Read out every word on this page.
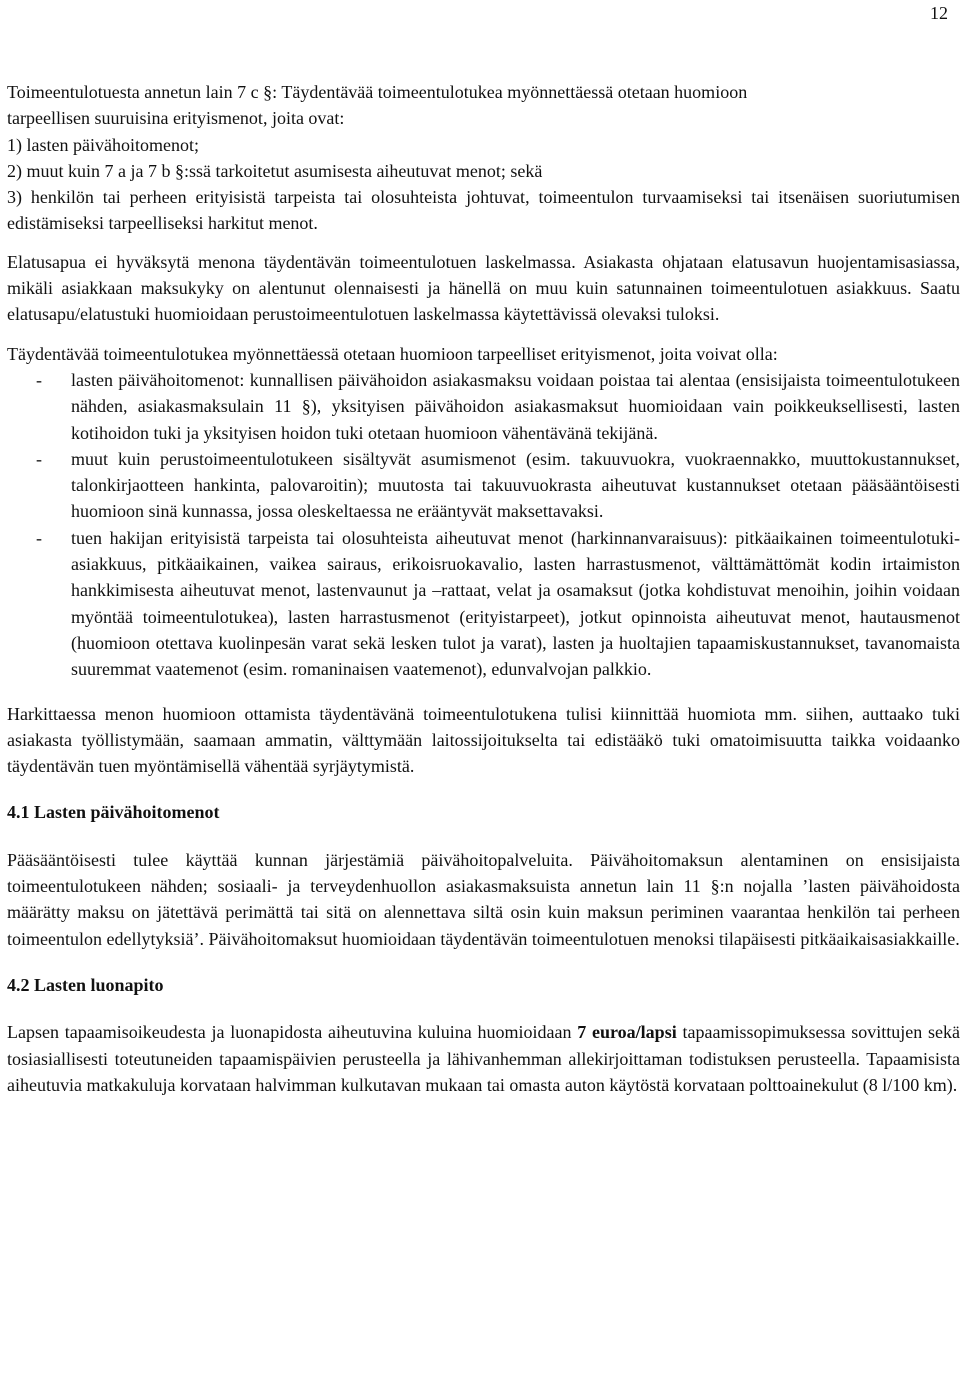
12
Toimeentulotuesta annetun lain 7 c §: Täydentävää toimeentulotukea myönnettäessä otetaan huomioon
tarpeellisen suuruisina erityismenot, joita ovat:
1) lasten päivähoitomenot;
2) muut kuin 7 a ja 7 b §:ssä tarkoitetut asumisesta aiheutuvat menot; sekä

3) henkilön tai perheen erityisistä tarpeista tai olosuhteista johtuvat, toimeentulon turvaamiseksi tai itsenäisen suoriutumisen edistämiseksi tarpeelliseksi harkitut menot.

Elatusapua ei hyväksytä menona täydentävän toimeentulotuen laskelmassa. Asiakasta ohjataan elatusavun huojentamisasiassa, mikäli asiakkaan maksukyky on alentunut olennaisesti ja hänellä on muu kuin satunnainen toimeentulotuen asiakkuus. Saatu elatusapu/elatustuki huomioidaan perustoimeentulotuen laskelmassa käytettävissä olevaksi tuloksi.

Täydentävää toimeentulotukea myönnettäessä otetaan huomioon tarpeelliset erityismenot, joita voivat olla:

- lasten päivähoitomenot: kunnallisen päivähoidon asiakasmaksu voidaan poistaa tai alentaa (ensisijaista toimeentulotukeen nähden, asiakasmaksulain 11 §), yksityisen päivähoidon asiakasmaksut huomioidaan vain poikkeuksellisesti, lasten kotihoidon tuki ja yksityisen hoidon tuki otetaan huomioon vähentävänä tekijänä.
- muut kuin perustoimeentulotukeen sisältyvät asumismenot (esim. takuuvuokra, vuokraennakko, muuttokustannukset, talonkirjaotteen hankinta, palovaroitin); muutosta tai takuuvuokrasta aiheutuvat kustannukset otetaan pääsääntöisesti huomioon sinä kunnassa, jossa oleskeltaessa ne erääntyvät maksettavaksi.
- tuen hakijan erityisistä tarpeista tai olosuhteista aiheutuvat menot (harkinnanvaraisuus): pitkäaikainen toimeentulotuki-asiakkuus, pitkäaikainen, vaikea sairaus, erikoisruokavalio, lasten harrastusmenot, välttämättömät kodin irtaimiston hankkimisesta aiheutuvat menot, lastenvaunut ja –rattaat, velat ja osamaksut (jotka kohdistuvat menoihin, joihin voidaan myöntää toimeentulotukea), lasten harrastusmenot (erityistarpeet), jotkut opinnoista aiheutuvat menot, hautausmenot (huomioon otettava kuolinpesän varat sekä lesken tulot ja varat), lasten ja huoltajien tapaamiskustannukset, tavanomaista suuremmat vaatemenot (esim. romaninaisen vaatemenot), edunvalvojan palkkio.

Harkittaessa menon huomioon ottamista täydentävänä toimeentulotukena tulisi kiinnittää huomiota mm. siihen, auttaako tuki asiakasta työllistymään, saamaan ammatin, välttymään laitossijoitukselta tai edistääkö tuki omatoimisuutta taikka voidaanko täydentävän tuen myöntämisellä vähentää syrjäytymistä.

4.1 Lasten päivähoitomenot

Pääsääntöisesti tulee käyttää kunnan järjestämiä päivähoitopalveluita. Päivähoitomaksun alentaminen on ensisijaista toimeentulotukeen nähden; sosiaali- ja terveydenhuollon asiakasmaksuista annetun lain 11 §:n nojalla ’lasten päivähoidosta määrätty maksu on jätettävä perimättä tai sitä on alennettava siltä osin kuin maksun periminen vaarantaa henkilön tai perheen toimeentulon edellytyksiä’. Päivähoitomaksut huomioidaan täydentävän toimeentulotuen menoksi tilapäisesti pitkäaikaisasiakkaille.

4.2 Lasten luonapito

Lapsen tapaamisoikeudesta ja luonapidosta aiheutuvina kuluina huomioidaan 7 euroa/lapsi tapaamissopimuksessa sovittujen sekä tosiasiallisesti toteutuneiden tapaamispäivien perusteella ja lähivanhemman allekirjoittaman todistuksen perusteella. Tapaamisista aiheutuvia matkakuluja korvataan halvimman kulkutavan mukaan tai omasta auton käytöstä korvataan polttoainekulut (8 l/100 km).
